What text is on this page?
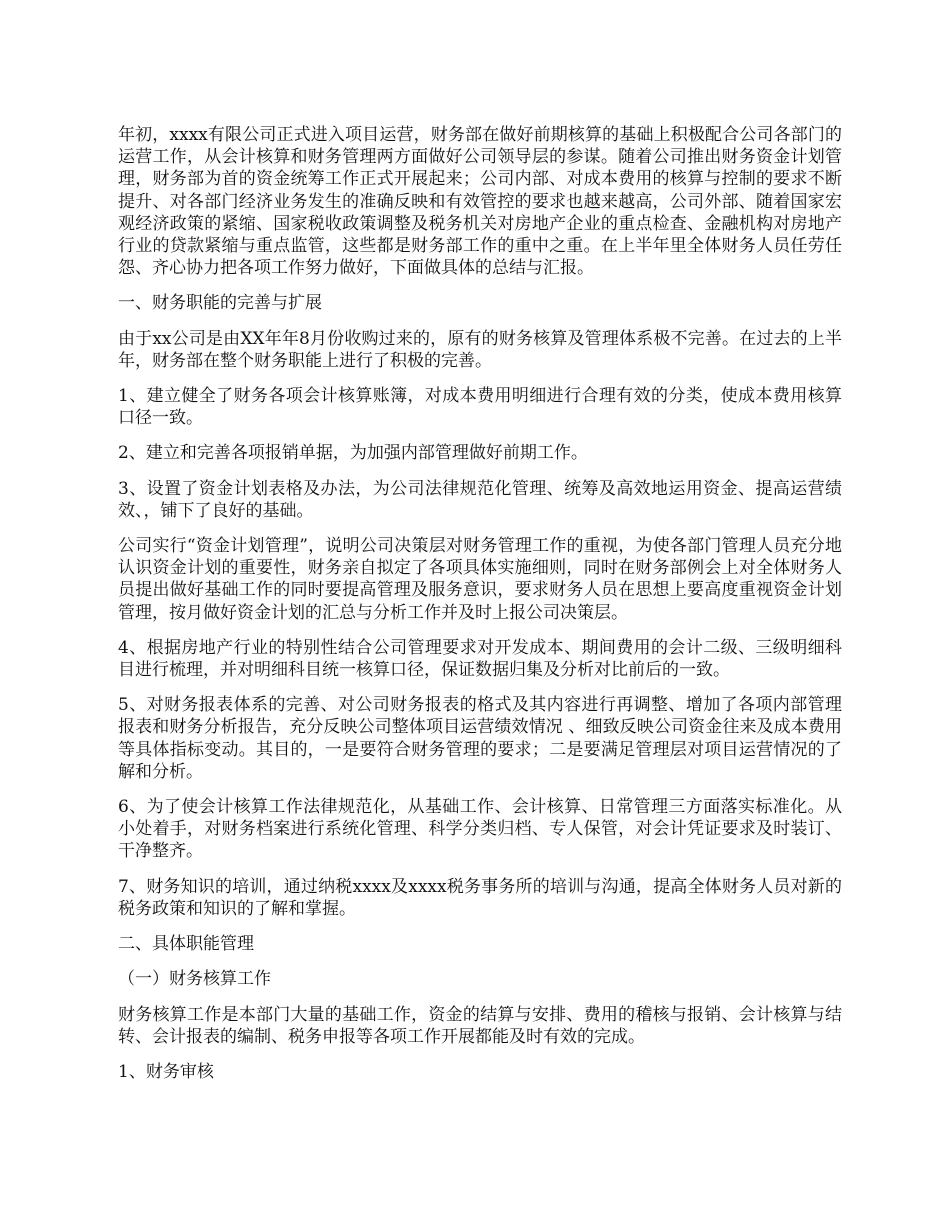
年初，xxxx有限公司正式进入项目运营，财务部在做好前期核算的基础上积极配合公司各部门的运营工作，从会计核算和财务管理两方面做好公司领导层的参谋。随着公司推出财务资金计划管理，财务部为首的资金统筹工作正式开展起来；公司内部、对成本费用的核算与控制的要求不断提升、对各部门经济业务发生的准确反映和有效管控的要求也越来越高，公司外部、随着国家宏观经济政策的紧缩、国家税收政策调整及税务机关对房地产企业的重点检查、金融机构对房地产行业的贷款紧缩与重点监管，这些都是财务部工作的重中之重。在上半年里全体财务人员任劳任怨、齐心协力把各项工作努力做好，下面做具体的总结与汇报。

一、财务职能的完善与扩展

由于xx公司是由XX年年8月份收购过来的，原有的财务核算及管理体系极不完善。在过去的上半年，财务部在整个财务职能上进行了积极的完善。

1、建立健全了财务各项会计核算账簿，对成本费用明细进行合理有效的分类，使成本费用核算口径一致。

2、建立和完善各项报销单据，为加强内部管理做好前期工作。

3、设置了资金计划表格及办法，为公司法律规范化管理、统筹及高效地运用资金、提高运营绩效、，铺下了良好的基础。

公司实行“资金计划管理”，说明公司决策层对财务管理工作的重视，为使各部门管理人员充分地认识资金计划的重要性，财务亲自拟定了各项具体实施细则，同时在财务部例会上对全体财务人员提出做好基础工作的同时要提高管理及服务意识，要求财务人员在思想上要高度重视资金计划管理，按月做好资金计划的汇总与分析工作并及时上报公司决策层。

4、根据房地产行业的特别性结合公司管理要求对开发成本、期间费用的会计二级、三级明细科目进行梳理，并对明细科目统一核算口径，保证数据归集及分析对比前后的一致。

5、对财务报表体系的完善、对公司财务报表的格式及其内容进行再调整、增加了各项内部管理报表和财务分析报告，充分反映公司整体项目运营绩效情况 、细致反映公司资金往来及成本费用等具体指标变动。其目的，一是要符合财务管理的要求；二是要满足管理层对项目运营情况的了解和分析。

6、为了使会计核算工作法律规范化，从基础工作、会计核算、日常管理三方面落实标准化。从小处着手，对财务档案进行系统化管理、科学分类归档、专人保管，对会计凭证要求及时装订、干净整齐。

7、财务知识的培训，通过纳税xxxx及xxxx税务事务所的培训与沟通，提高全体财务人员对新的税务政策和知识的了解和掌握。

二、具体职能管理

（一）财务核算工作

财务核算工作是本部门大量的基础工作，资金的结算与安排、费用的稽核与报销、会计核算与结转、会计报表的编制、税务申报等各项工作开展都能及时有效的完成。

1、财务审核
